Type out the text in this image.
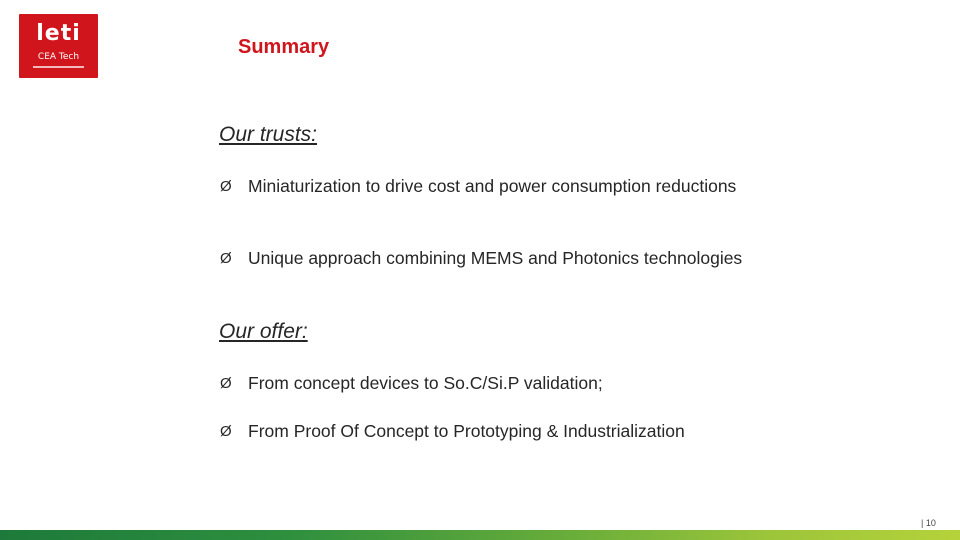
leti
CEA Tech	Summary
Our trusts:
Ø Miniaturization to drive cost and power consumption reductions
Ø Unique approach combining MEMS and Photonics technologies
Our offer:
Ø From concept devices to So.C/Si.P validation;
Ø From Proof Of Concept to Prototyping & Industrialization
| 10
